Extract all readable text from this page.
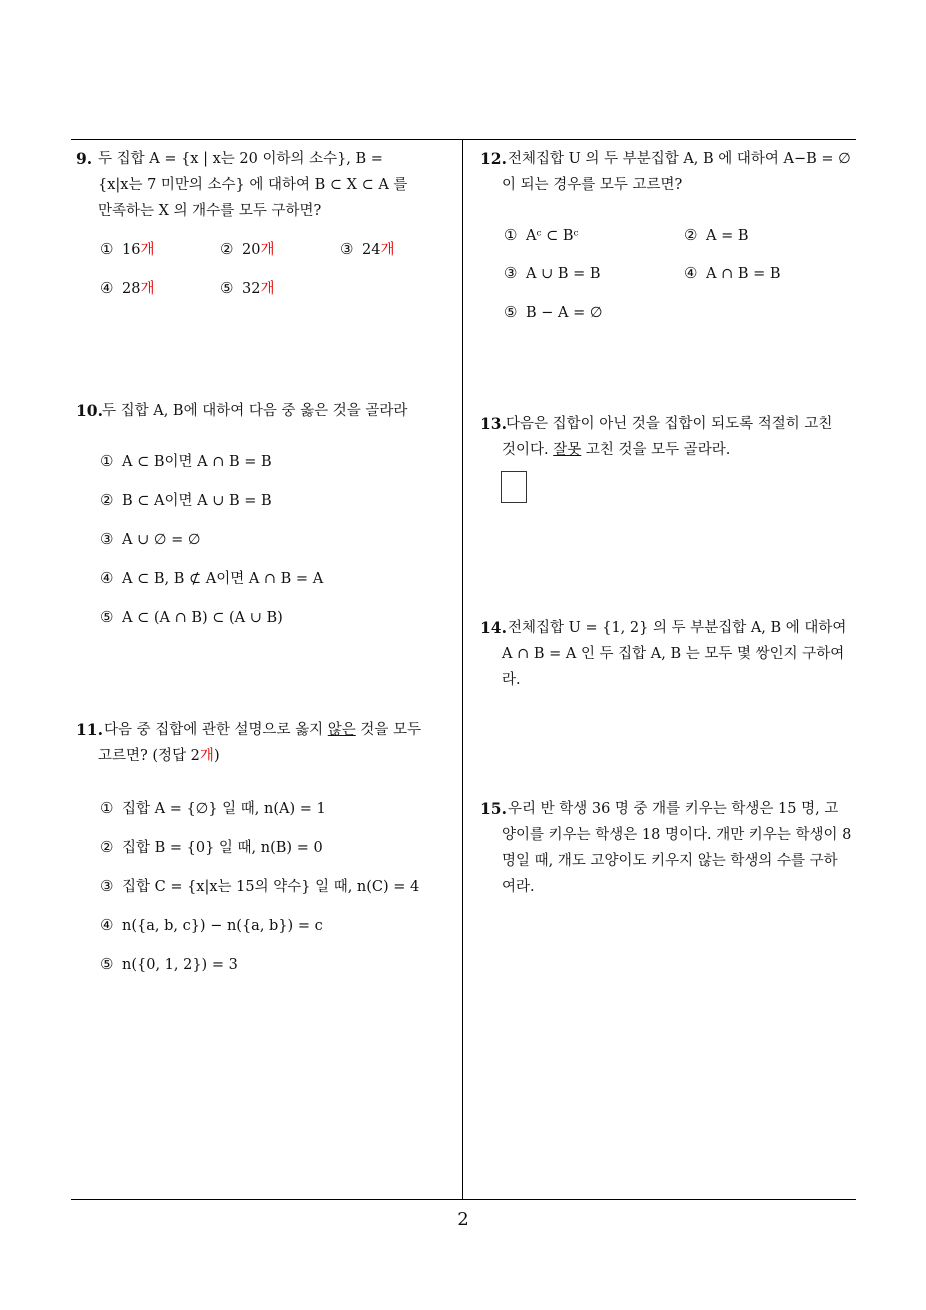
9. 두 집합 A = {x | x는 20 이하의 소수}, B =
{x|x는 7 미만의 소수} 에 대하여 B ⊂ X ⊂ A 를
만족하는 X 의 개수를 모두 구하면?
① 16개	② 20개	③ 24개
④ 28개	⑤ 32개
10. 두 집합 A, B에 대하여 다음 중 옳은 것을 골라라
① A ⊂ B이면 A ∩ B = B
② B ⊂ A이면 A ∪ B = B
③ A ∪ ∅ = ∅
④ A ⊂ B, B ⊄ A이면 A ∩ B = A
⑤ A ⊂ (A ∩ B) ⊂ (A ∪ B)
11. 다음 중 집합에 관한 설명으로 옳지 않은 것을 모두
고르면? (정답 2개)
① 집합 A = {∅} 일 때, n(A) = 1
② 집합 B = {0} 일 때, n(B) = 0
③ 집합 C = {x|x는 15의 약수} 일 때, n(C) = 4
④ n({a, b, c}) − n({a, b}) = c
⑤ n({0, 1, 2}) = 3
12. 전체집합 U 의 두 부분집합 A, B 에 대하여 A−B = ∅
이 되는 경우를 모두 고르면?
① Aᶜ ⊂ Bᶜ	② A = B
③ A ∪ B = B	④ A ∩ B = B
⑤ B − A = ∅
13. 다음은 집합이 아닌 것을 집합이 되도록 적절히 고친
것이다. 잘못 고친 것을 모두 골라라.
14. 전체집합 U = {1, 2} 의 두 부분집합 A, B 에 대하여
A ∩ B = A 인 두 집합 A, B 는 모두 몇 쌍인지 구하여
라.
15. 우리 반 학생 36 명 중 개를 키우는 학생은 15 명, 고
양이를 키우는 학생은 18 명이다. 개만 키우는 학생이 8
명일 때, 개도 고양이도 키우지 않는 학생의 수를 구하
여라.
2
